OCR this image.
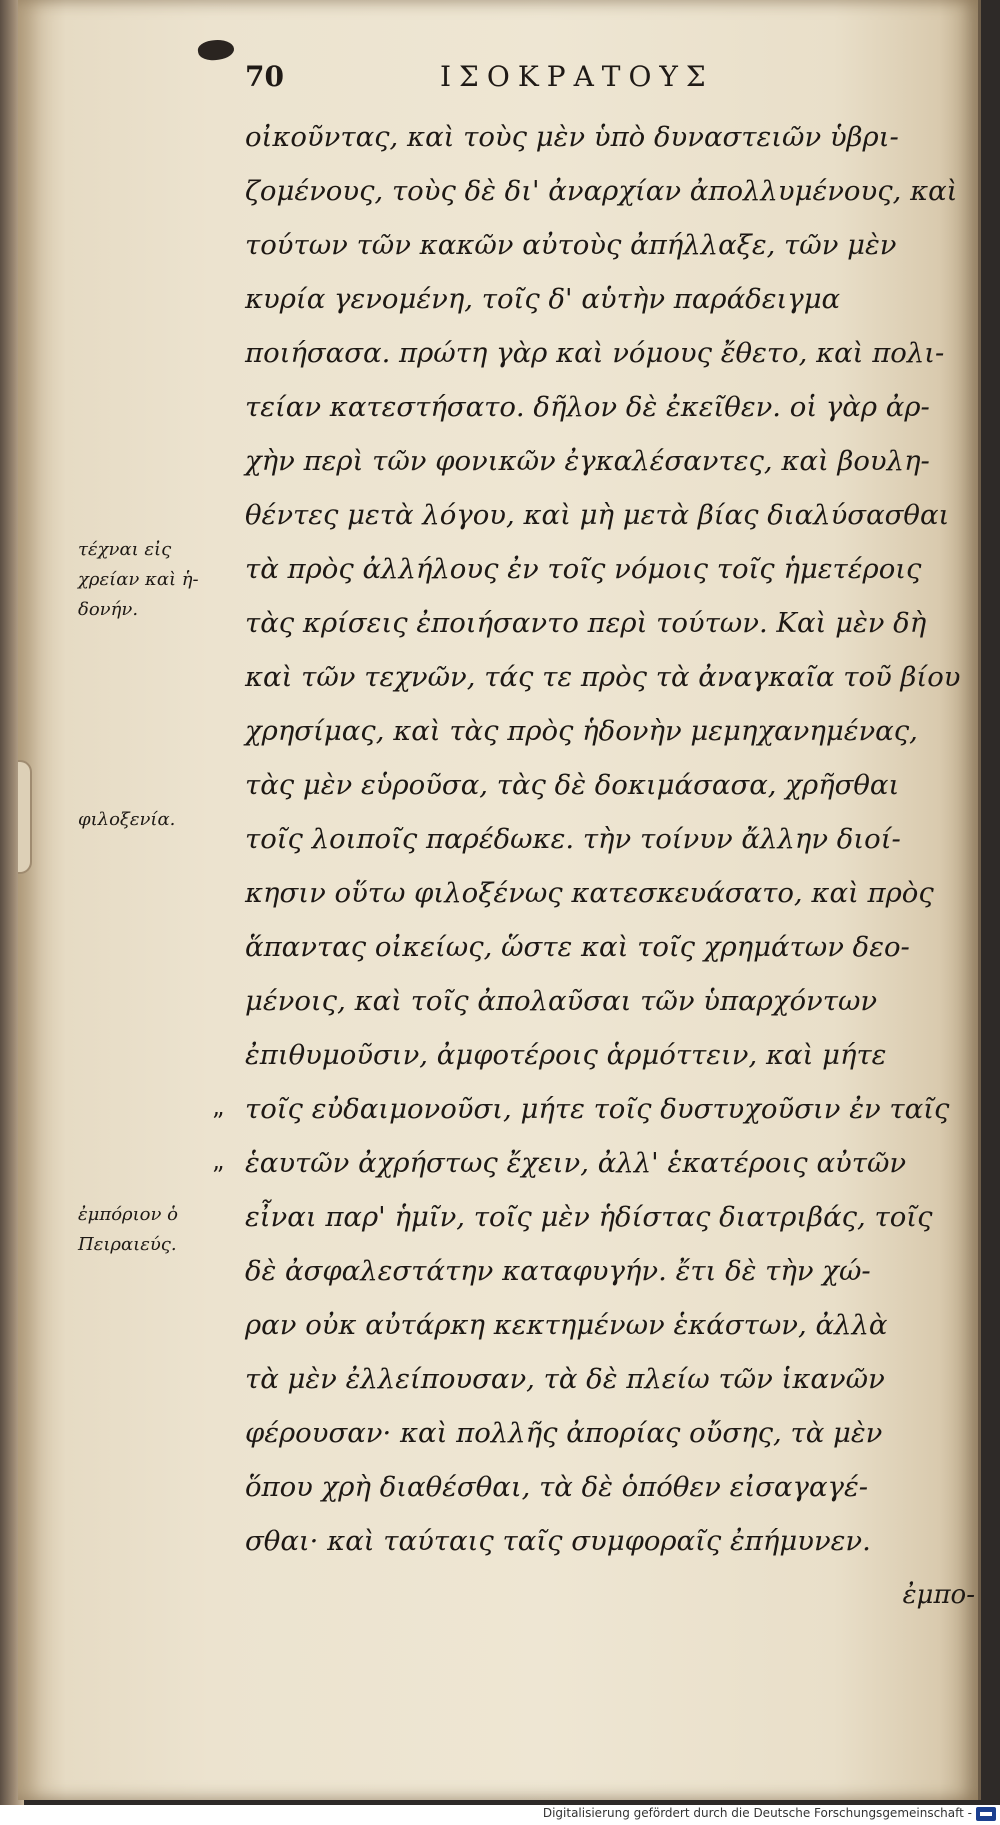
70	ΙΣΟΚΡΑΤΟΥΣ
οἰκοῦντας, καὶ τοὺς μὲν ὑπὸ δυναστειῶν ὑβρι-
ζομένους, τοὺς δὲ δι' ἀναρχίαν ἀπολλυμένους, καὶ
τούτων τῶν κακῶν αὐτοὺς ἀπήλλαξε, τῶν μὲν
κυρία γενομένη, τοῖς δ' αὑτὴν παράδειγμα
ποιήσασα. πρώτη γὰρ καὶ νόμους ἔθετο, καὶ πολι-
τείαν κατεστήσατο. δῆλον δὲ ἐκεῖθεν. οἱ γὰρ ἀρ-
χὴν περὶ τῶν φονικῶν ἐγκαλέσαντες, καὶ βουλη-
θέντες μετὰ λόγου, καὶ μὴ μετὰ βίας διαλύσασθαι
τὰ πρὸς ἀλλήλους ἐν τοῖς νόμοις τοῖς ἡμετέροις
τὰς κρίσεις ἐποιήσαντο περὶ τούτων. Καὶ μὲν δὴ
καὶ τῶν τεχνῶν, τάς τε πρὸς τὰ ἀναγκαῖα τοῦ βίου
χρησίμας, καὶ τὰς πρὸς ἡδονὴν μεμηχανημένας,
τὰς μὲν εὑροῦσα, τὰς δὲ δοκιμάσασα, χρῆσθαι
τοῖς λοιποῖς παρέδωκε. τὴν τοίνυν ἄλλην διοί-
κησιν οὕτω φιλοξένως κατεσκευάσατο, καὶ πρὸς
ἅπαντας οἰκείως, ὥστε καὶ τοῖς χρημάτων δεο-
μένοις, καὶ τοῖς ἀπολαῦσαι τῶν ὑπαρχόντων
ἐπιθυμοῦσιν, ἀμφοτέροις ἁρμόττειν, καὶ μήτε
τοῖς εὐδαιμονοῦσι, μήτε τοῖς δυστυχοῦσιν ἐν ταῖς
ἑαυτῶν ἀχρήστως ἔχειν, ἀλλ' ἑκατέροις αὐτῶν
εἶναι παρ' ἡμῖν, τοῖς μὲν ἡδίστας διατριβάς, τοῖς
δὲ ἀσφαλεστάτην καταφυγήν. ἔτι δὲ τὴν χώ-
ραν οὐκ αὐτάρκη κεκτημένων ἑκάστων, ἀλλὰ
τὰ μὲν ἐλλείπουσαν, τὰ δὲ πλείω τῶν ἱκανῶν
φέρουσαν· καὶ πολλῆς ἀπορίας οὔσης, τὰ μὲν
ὅπου χρὴ διαθέσθαι, τὰ δὲ ὁπόθεν εἰσαγαγέ-
σθαι· καὶ ταύταις ταῖς συμφοραῖς ἐπήμυνεν.
ἐμπο-
τέχναι εἰς
χρείαν καὶ ἡ-
δονήν.
φιλοξενία.
ἐμπόριον ὁ
Πειραιεύς.
”
”
Digitalisierung gefördert durch die Deutsche Forschungsgemeinschaft -
